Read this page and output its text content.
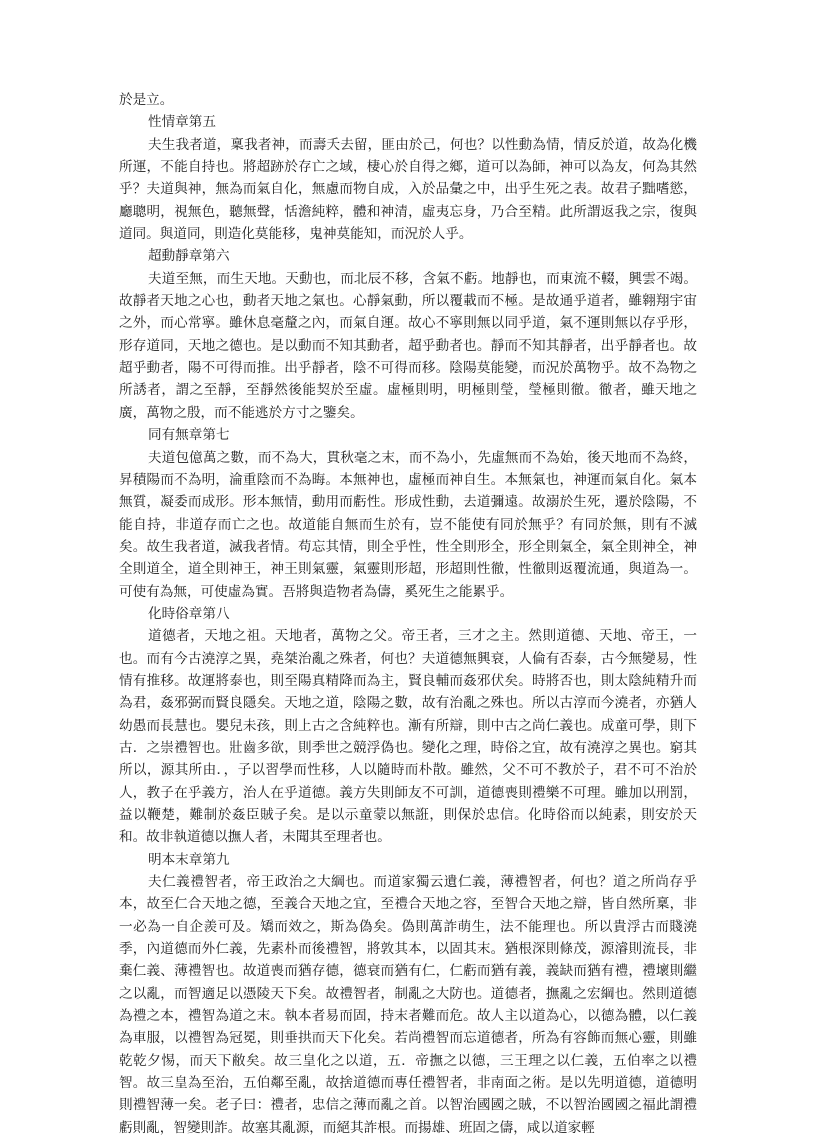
於是立。

性情章第五

夫生我者道，稟我者神，而壽夭去留，匪由於己，何也？以性動為情，情反於道，故為化機所運，不能自持也。將超跡於存亡之域，棲心於自得之鄉，道可以為師，神可以為友，何為其然乎？夫道與神，無為而氣自化，無慮而物自成，入於品彙之中，出乎生死之表。故君子黜嗜慾，廳聰明，視無色，聽無聲，恬澹純粹，體和神清，虛夷忘身，乃合至精。此所謂返我之宗，復與道同。與道同，則造化莫能移，鬼神莫能知，而況於人乎。

超動靜章第六

夫道至無，而生天地。天動也，而北辰不移，含氣不虧。地靜也，而東流不輟，興雲不竭。故靜者天地之心也，動者天地之氣也。心靜氣動，所以覆載而不極。是故通乎道者，雖翱翔宇宙之外，而心常寧。雖休息毫釐之內，而氣自運。故心不寧則無以同乎道，氣不運則無以存乎形，形存道同，天地之德也。是以動而不知其動者，超乎動者也。靜而不知其靜者，出乎靜者也。故超乎動者，陽不可得而推。出乎靜者，陰不可得而移。陰陽莫能變，而況於萬物乎。故不為物之所誘者，謂之至靜，至靜然後能契於至虛。虛極則明，明極則瑩，瑩極則徹。徹者，雖天地之廣，萬物之殷，而不能逃於方寸之鑒矣。

同有無章第七

夫道包億萬之數，而不為大，貫秋毫之末，而不為小，先虛無而不為始，後天地而不為終，昇積陽而不為明，淪重陰而不為晦。本無神也，虛極而神自生。本無氣也，神運而氣自化。氣本無質，凝委而成形。形本無情，動用而虧性。形成性動，去道彌遠。故溺於生死，遷於陰陽，不能自持，非道存而亡之也。故道能自無而生於有，豈不能使有同於無乎？有同於無，則有不滅矣。故生我者道，滅我者情。苟忘其情，則全乎性，性全則形全，形全則氣全，氣全則神全，神全則道全，道全則神王，神王則氣靈，氣靈則形超，形超則性徹，性徹則返覆流通，與道為一。可使有為無，可使虛為實。吾將與造物者為儔，奚死生之能累乎。

化時俗章第八

道德者，天地之祖。天地者，萬物之父。帝王者，三才之主。然則道德、天地、帝王，一也。而有今古澆淳之異，堯桀治亂之殊者，何也？夫道德無興衰，人倫有否泰，古今無變易，性情有推移。故運將泰也，則至陽真精降而為主，賢良輔而姦邪伏矣。時將否也，則太陰純精升而為君，姦邪弼而賢良隱矣。天地之道，陰陽之數，故有治亂之殊也。所以古淳而今澆者，亦猶人幼愚而長慧也。嬰兒未孩，則上古之含純粹也。漸有所辯，則中古之尚仁義也。成童可學，則下古．之崇禮智也。壯齒多欲，則季世之競浮偽也。變化之理，時俗之宜，故有澆淳之異也。窮其所以，源其所由．，子以習學而性移，人以隨時而朴散。雖然，父不可不教於子，君不可不治於人，教子在乎義方，治人在乎道德。義方失則師友不可訓，道德喪則禮樂不可理。雖加以刑罰，益以鞭楚，難制於姦臣賊子矣。是以示童蒙以無誑，則保於忠信。化時俗而以純素，則安於天和。故非執道德以撫人者，未聞其至理者也。

明本末章第九

夫仁義禮智者，帝王政治之大綱也。而道家獨云遺仁義，薄禮智者，何也？道之所尚存乎本，故至仁合天地之德，至義合天地之宜，至禮合天地之容，至智合天地之辯，皆自然所稟，非一必為一自企羨可及。矯而效之，斯為偽矣。偽則萬詐萌生，法不能理也。所以貴浮古而賤澆季，內道德而外仁義，先素朴而後禮智，將敦其本，以固其末。猶根深則條茂，源濬則流長，非棄仁義、薄禮智也。故道喪而猶存德，德衰而猶有仁，仁虧而猶有義，義缺而猶有禮，禮壞則繼之以亂，而智適足以憑陵天下矣。故禮智者，制亂之大防也。道德者，撫亂之宏綱也。然則道德為禮之本，禮智為道之末。執本者易而固，持末者難而危。故人主以道為心，以德為體，以仁義為車服，以禮智為冠冕，則垂拱而天下化矣。若尚禮智而忘道德者，所為有容飾而無心靈，則雖乾乾夕惕，而天下敝矣。故三皇化之以道，五．帝撫之以德，三王理之以仁義，五伯率之以禮智。故三皇為至治，五伯鄰至亂，故捨道德而專任禮智者，非南面之術。是以先明道德，道德明則禮智薄一矣。老子曰：禮者，忠信之薄而亂之首。以智治國國之賊，不以智治國國之福此謂禮虧則亂，智變則詐。故塞其亂源，而絕其詐根。而揚雄、班固之儔，咸以道家輕
